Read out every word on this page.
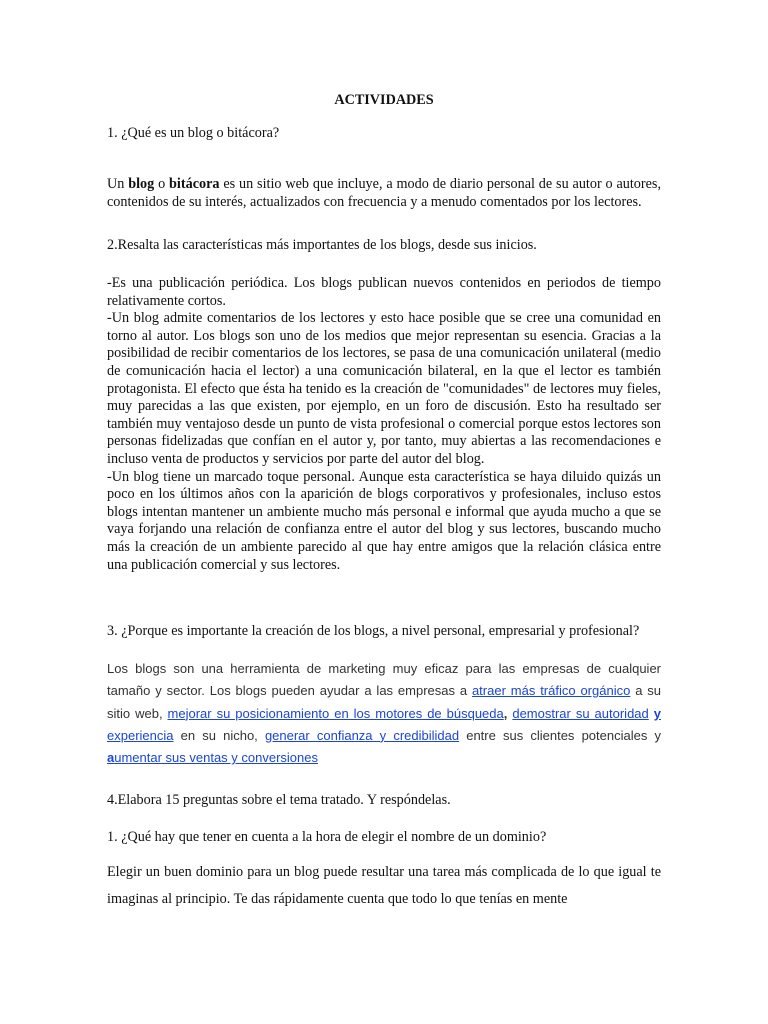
ACTIVIDADES

1. ¿Qué es un blog o bitácora?

Un blog o bitácora es un sitio web que incluye, a modo de diario personal de su autor o autores, contenidos de su interés, actualizados con frecuencia y a menudo comentados por los lectores.

2.Resalta las características más importantes de los blogs, desde sus inicios.

-Es una publicación periódica. Los blogs publican nuevos contenidos en periodos de tiempo relativamente cortos.

-Un blog admite comentarios de los lectores y esto hace posible que se cree una comunidad en torno al autor. Los blogs son uno de los medios que mejor representan su esencia. Gracias a la posibilidad de recibir comentarios de los lectores, se pasa de una comunicación unilateral (medio de comunicación hacia el lector) a una comunicación bilateral, en la que el lector es también protagonista. El efecto que ésta ha tenido es la creación de "comunidades" de lectores muy fieles, muy parecidas a las que existen, por ejemplo, en un foro de discusión. Esto ha resultado ser también muy ventajoso desde un punto de vista profesional o comercial porque estos lectores son personas fidelizadas que confían en el autor y, por tanto, muy abiertas a las recomendaciones e incluso venta de productos y servicios por parte del autor del blog.

-Un blog tiene un marcado toque personal. Aunque esta característica se haya diluido quizás un poco en los últimos años con la aparición de blogs corporativos y profesionales, incluso estos blogs intentan mantener un ambiente mucho más personal e informal que ayuda mucho a que se vaya forjando una relación de confianza entre el autor del blog y sus lectores, buscando mucho más la creación de un ambiente parecido al que hay entre amigos que la relación clásica entre una publicación comercial y sus lectores.

3. ¿Porque es importante la creación de los blogs, a nivel personal, empresarial y profesional?

Los blogs son una herramienta de marketing muy eficaz para las empresas de cualquier tamaño y sector. Los blogs pueden ayudar a las empresas a atraer más tráfico orgánico a su sitio web, mejorar su posicionamiento en los motores de búsqueda, demostrar su autoridad y experiencia en su nicho, generar confianza y credibilidad entre sus clientes potenciales y aumentar sus ventas y conversiones

4.Elabora 15 preguntas sobre el tema tratado. Y respóndelas.

1. ¿Qué hay que tener en cuenta a la hora de elegir el nombre de un dominio?

Elegir un buen dominio para un blog puede resultar una tarea más complicada de lo que igual te imaginas al principio. Te das rápidamente cuenta que todo lo que tenías en mente
